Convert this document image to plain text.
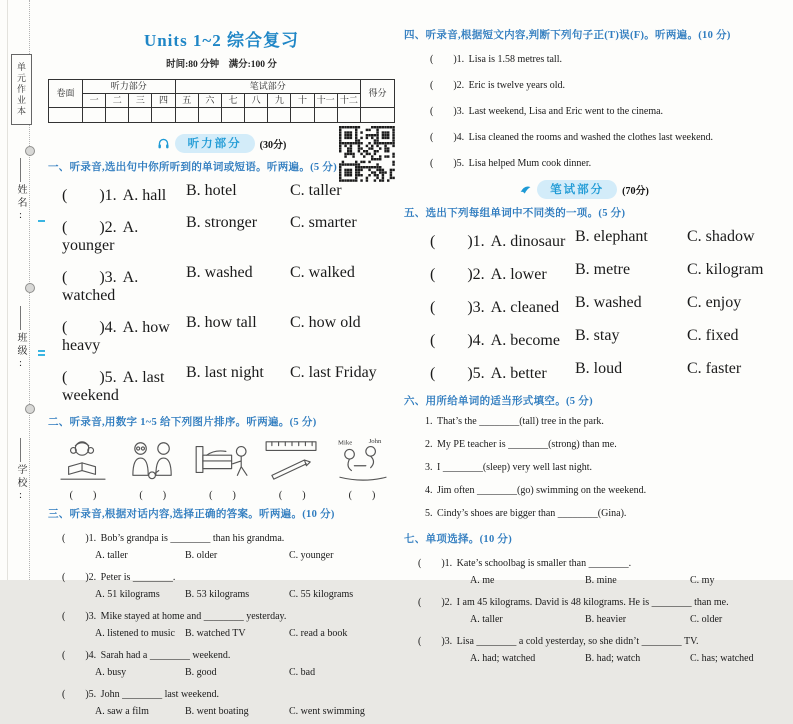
单元作业本
姓名:
班级:
学校:
Units 1~2 综合复习
时间:80 分钟　满分:100 分
卷面	听力部分				笔试部分								得分
	一	二	三	四	五	六	七	八	九	十	十一	十二	

听力部分	(30分)
一、听录音,选出句中你所听到的单词或短语。听两遍。(5 分)
(　　)1. A. hall	B. hotel	C. taller
(　　)2. A. younger
B. stronger	C. smarter
(　　)3. A. watched
B. washed	C. walked
(　　)4. A. how heavy
B. how tall	C. how old
(　　)5. A. last weekend
B. last night	C. last Friday
二、听录音,用数字 1~5 给下列图片排序。听两遍。(5 分)
Mike John
(　　)	(　　)	(　　)	(　　)	(　　)
三、听录音,根据对话内容,选择正确的答案。听两遍。(10 分)
(　　)1. Bob’s grandpa is ________ than his grandma.
A. taller	B. older	C. younger
(　　)2. Peter is ________.
A. 51 kilograms	B. 53 kilograms	C. 55 kilograms
(　　)3. Mike stayed at home and ________ yesterday.
A. listened to music	B. watched TV	C. read a book
(　　)4. Sarah had a ________ weekend.
A. busy	B. good	C. bad
(　　)5. John ________ last weekend.
A. saw a film	B. went boating	C. went swimming
四、听录音,根据短文内容,判断下列句子正(T)误(F)。听两遍。(10 分)
(　　)1. Lisa is 1.58 metres tall.
(　　)2. Eric is twelve years old.
(　　)3. Last weekend, Lisa and Eric went to the cinema.
(　　)4. Lisa cleaned the rooms and washed the clothes last weekend.
(　　)5. Lisa helped Mum cook dinner.
笔试部分	(70分)
五、选出下列每组单词中不同类的一项。(5 分)
(　　)1. A. dinosaur B. elephant	C. shadow
(　　)2. A. lower	B. metre	C. kilogram
(　　)3. A. cleaned B. washed	C. enjoy
(　　)4. A. become B. stay	C. fixed
(　　)5. A. better	B. loud	C. faster
六、用所给单词的适当形式填空。(5 分)
1. That’s the ________(tall) tree in the park.
2. My PE teacher is ________(strong) than me.
3. I ________(sleep) very well last night.
4. Jim often ________(go) swimming on the weekend.
5. Cindy’s shoes are bigger than ________(Gina).
七、单项选择。(10 分)
(　　)1. Kate’s schoolbag is smaller than ________.
A. me	B. mine	C. my
(　　)2. I am 45 kilograms. David is 48 kilograms. He is ________ than me.
A. taller	B. heavier	C. older
(　　)3. Lisa ________ a cold yesterday, so she didn’t ________ TV.
A. had; watched	B. had; watch	C. has; watched
